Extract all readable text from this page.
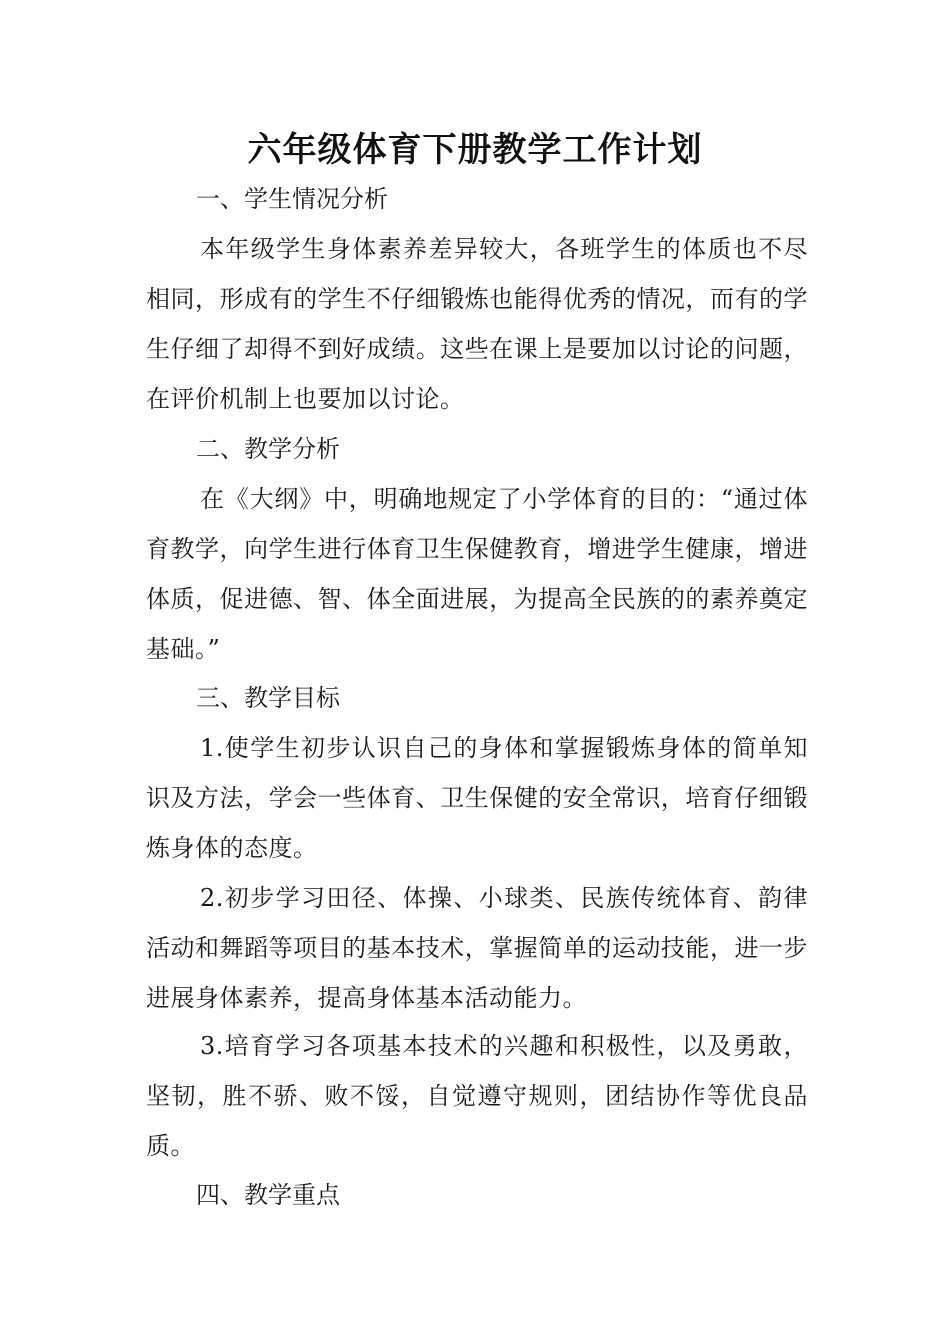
六年级体育下册教学工作计划
一、学生情况分析
本年级学生身体素养差异较大，各班学生的体质也不尽相同，形成有的学生不仔细锻炼也能得优秀的情况，而有的学生仔细了却得不到好成绩。这些在课上是要加以讨论的问题，在评价机制上也要加以讨论。
二、教学分析
在《大纲》中，明确地规定了小学体育的目的：“通过体育教学，向学生进行体育卫生保健教育，增进学生健康，增进体质，促进德、智、体全面进展，为提高全民族的的素养奠定基础。”
三、教学目标
1.使学生初步认识自己的身体和掌握锻炼身体的简单知识及方法，学会一些体育、卫生保健的安全常识，培育仔细锻炼身体的态度。
2.初步学习田径、体操、小球类、民族传统体育、韵律活动和舞蹈等项目的基本技术，掌握简单的运动技能，进一步进展身体素养，提高身体基本活动能力。
3.培育学习各项基本技术的兴趣和积极性，以及勇敢，坚韧，胜不骄、败不馁，自觉遵守规则，团结协作等优良品质。
四、教学重点
